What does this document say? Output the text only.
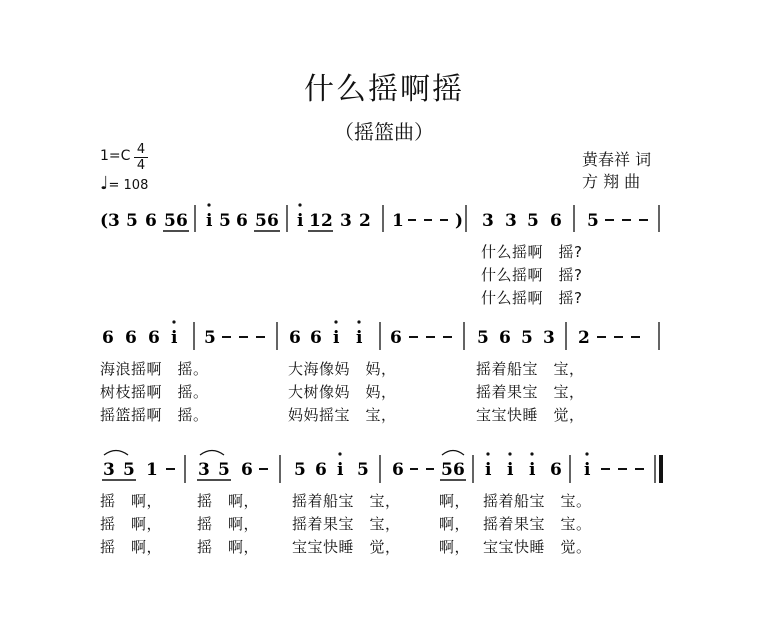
什么摇啊摇
（摇篮曲）
1=C 4
4
♩= 108
黄春祥 词
方 翔 曲
( 3 5 6 5 6 i 5 6 5 6 i 1 2 3 2 1	) 3 3 5 6 5
6 6 6 i 5	6 6 i i 6	5 6 5 3 2
3 5 1 3 5 6 5 6 i 5 6 5 6 i i i 6 i
什么摇啊　摇?
什么摇啊　摇?
什么摇啊　摇?
海浪摇啊　摇。	大海像妈　妈，	摇着船宝　宝，
树枝摇啊　摇。	大树像妈　妈，	摇着果宝　宝，
摇篮摇啊　摇。	妈妈摇宝　宝，	宝宝快睡　觉，
摇　啊， 摇　啊， 摇着船宝　宝，	啊， 摇着船宝　宝。
摇　啊， 摇　啊， 摇着果宝　宝，	啊， 摇着果宝　宝。
摇　啊， 摇　啊， 宝宝快睡　觉，	啊， 宝宝快睡　觉。
